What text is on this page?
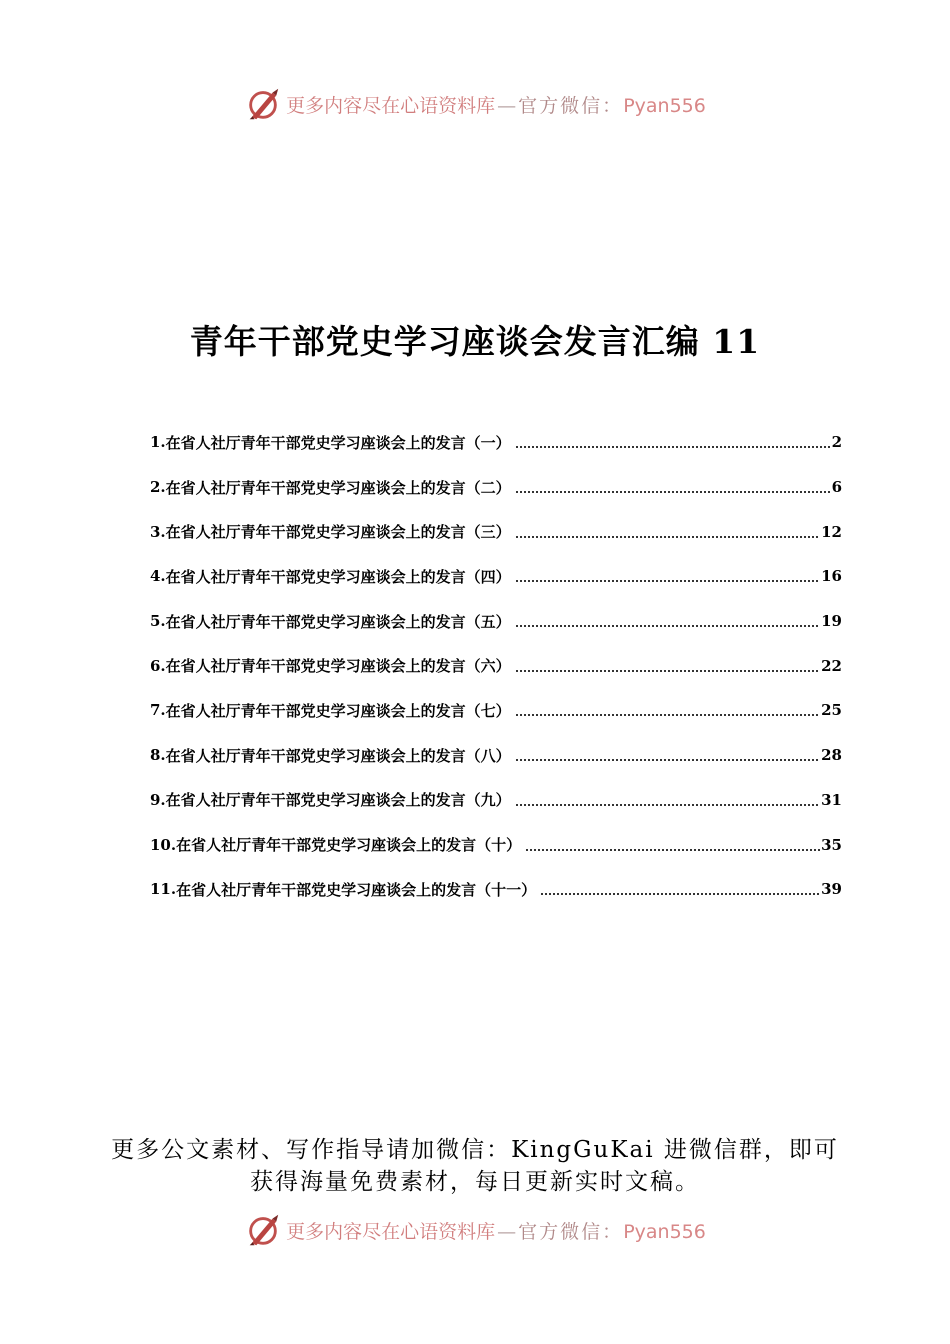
更多内容尽在心语资料库 — 官方微信：Pyan556
青年干部党史学习座谈会发言汇编 11
1. 在省人社厅青年干部党史学习座谈会上的发言（一）	2
2. 在省人社厅青年干部党史学习座谈会上的发言（二）	6
3. 在省人社厅青年干部党史学习座谈会上的发言（三）	12
4. 在省人社厅青年干部党史学习座谈会上的发言（四）	16
5. 在省人社厅青年干部党史学习座谈会上的发言（五）	19
6. 在省人社厅青年干部党史学习座谈会上的发言（六）	22
7. 在省人社厅青年干部党史学习座谈会上的发言（七）	25
8. 在省人社厅青年干部党史学习座谈会上的发言（八）	28
9. 在省人社厅青年干部党史学习座谈会上的发言（九）	31
10. 在省人社厅青年干部党史学习座谈会上的发言（十）	35
11. 在省人社厅青年干部党史学习座谈会上的发言（十一）	39

更多公文素材、写作指导请加微信：KingGuKai 进微信群，即可
获得海量免费素材，每日更新实时文稿。

更多内容尽在心语资料库 — 官方微信：Pyan556
